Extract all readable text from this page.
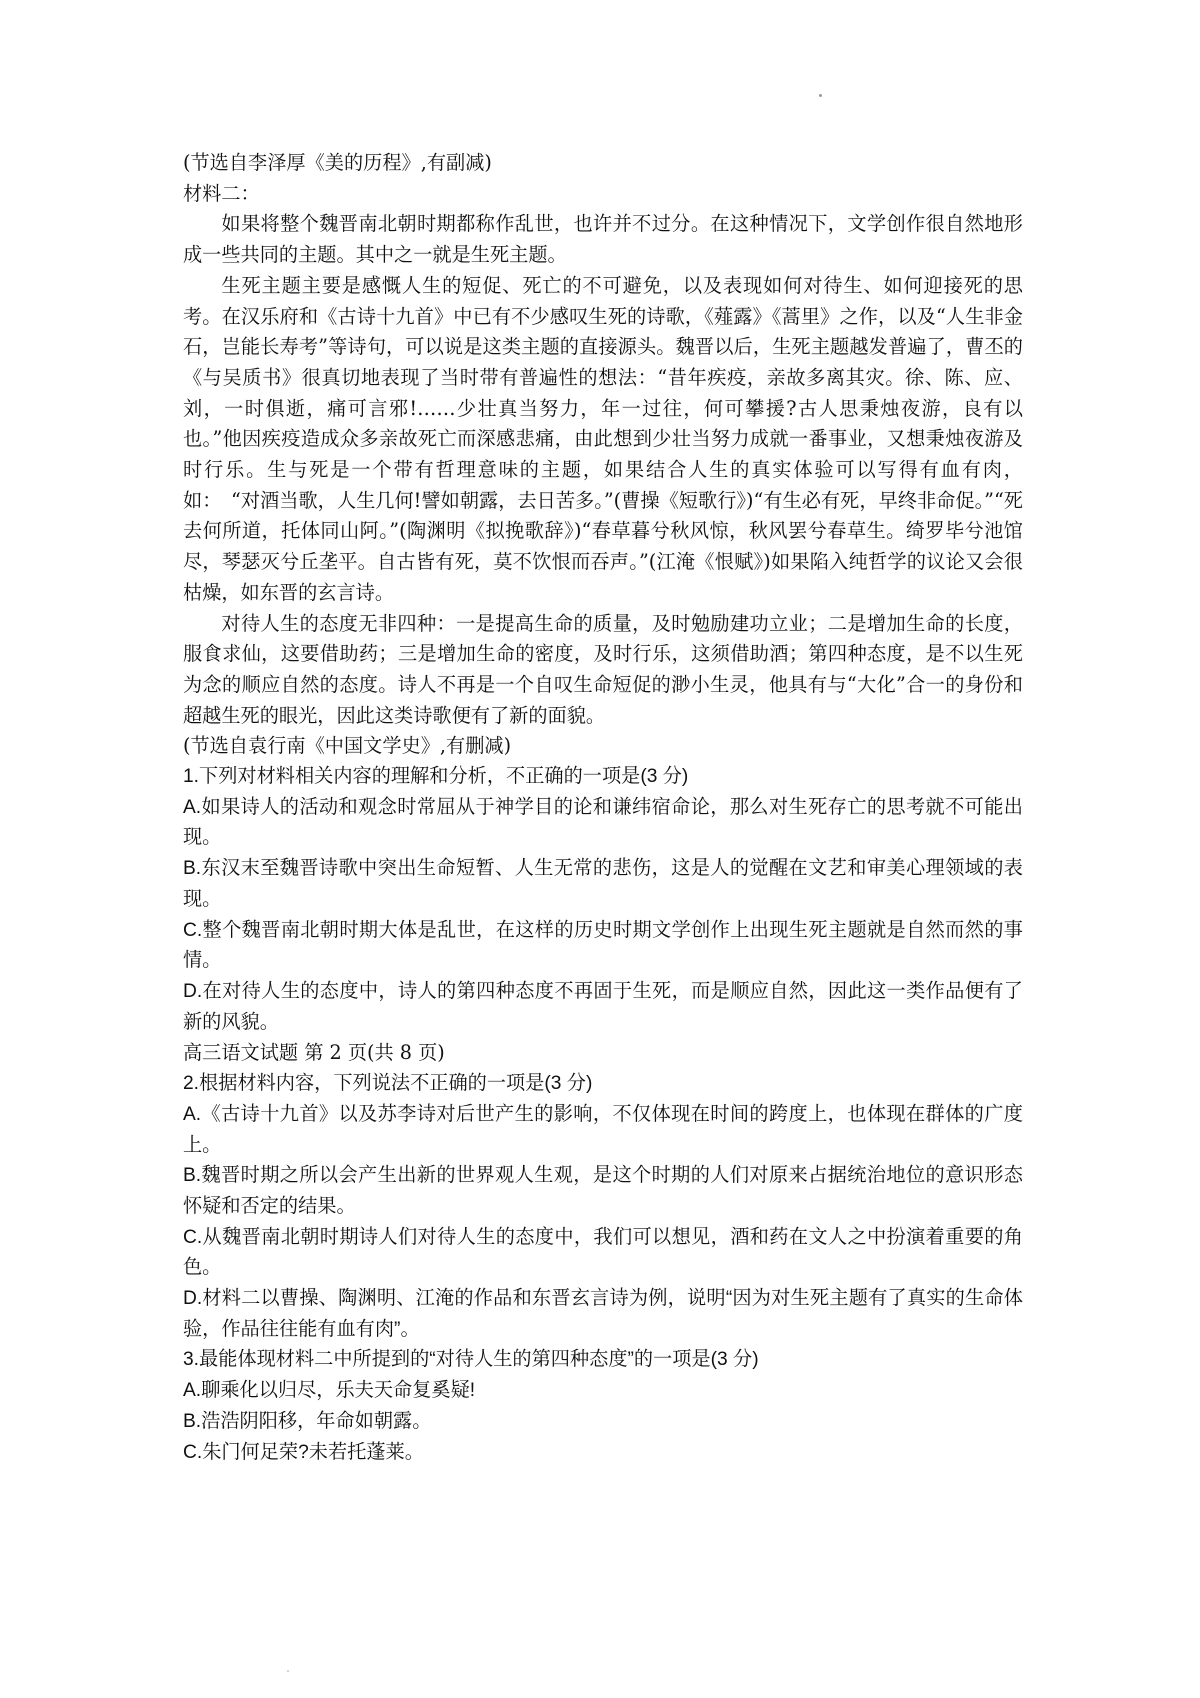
(节选自李泽厚《美的历程》,有副减)

材料二：

如果将整个魏晋南北朝时期都称作乱世，也许并不过分。在这种情况下，文学创作很自然地形成一些共同的主题。其中之一就是生死主题。

生死主题主要是感慨人生的短促、死亡的不可避免，以及表现如何对待生、如何迎接死的思考。在汉乐府和《古诗十九首》中已有不少感叹生死的诗歌，《薤露》《蒿里》之作，以及“人生非金石，岂能长寿考”等诗句，可以说是这类主题的直接源头。魏晋以后，生死主题越发普遍了，曹丕的《与吴质书》很真切地表现了当时带有普遍性的想法：“昔年疾疫，亲故多离其灾。徐、陈、应、刘，一时俱逝，痛可言邪!……少壮真当努力，年一过往，何可攀援?古人思秉烛夜游，良有以也。”他因疾疫造成众多亲故死亡而深感悲痛，由此想到少壮当努力成就一番事业，又想秉烛夜游及时行乐。生与死是一个带有哲理意味的主题，如果结合人生的真实体验可以写得有血有肉，如：　“对酒当歌，人生几何!譬如朝露，去日苦多。”(曹操《短歌行》)“有生必有死，早终非命促。”“死去何所道，托体同山阿。”(陶渊明《拟挽歌辞》)“春草暮兮秋风惊，秋风罢兮春草生。绮罗毕兮池馆尽，琴瑟灭兮丘垄平。自古皆有死，莫不饮恨而吞声。”(江淹《恨赋》)如果陷入纯哲学的议论又会很枯燥，如东晋的玄言诗。

对待人生的态度无非四种：一是提高生命的质量，及时勉励建功立业；二是增加生命的长度，服食求仙，这要借助药；三是增加生命的密度，及时行乐，这须借助酒；第四种态度，是不以生死为念的顺应自然的态度。诗人不再是一个自叹生命短促的渺小生灵，他具有与“大化”合一的身份和超越生死的眼光，因此这类诗歌便有了新的面貌。

(节选自袁行南《中国文学史》,有删减)

1.下列对材料相关内容的理解和分析，不正确的一项是(3 分)

A.如果诗人的活动和观念时常屈从于神学目的论和谦纬宿命论，那么对生死存亡的思考就不可能出现。

B.东汉末至魏晋诗歌中突出生命短暂、人生无常的悲伤，这是人的觉醒在文艺和审美心理领域的表现。

C.整个魏晋南北朝时期大体是乱世，在这样的历史时期文学创作上出现生死主题就是自然而然的事情。

D.在对待人生的态度中，诗人的第四种态度不再固于生死，而是顺应自然，因此这一类作品便有了新的风貌。

高三语文试题 第 2 页(共 8 页)

2.根据材料内容，下列说法不正确的一项是(3 分)

A.《古诗十九首》以及苏李诗对后世产生的影响，不仅体现在时间的跨度上，也体现在群体的广度上。

B.魏晋时期之所以会产生出新的世界观人生观，是这个时期的人们对原来占据统治地位的意识形态怀疑和否定的结果。

C.从魏晋南北朝时期诗人们对待人生的态度中，我们可以想见，酒和药在文人之中扮演着重要的角色。

D.材料二以曹操、陶渊明、江淹的作品和东晋玄言诗为例，说明“因为对生死主题有了真实的生命体验，作品往往能有血有肉”。

3.最能体现材料二中所提到的“对待人生的第四种态度”的一项是(3 分)

A.聊乘化以归尽，乐夫天命复奚疑!

B.浩浩阴阳移，年命如朝露。

C.朱门何足荣?未若托蓬莱。
